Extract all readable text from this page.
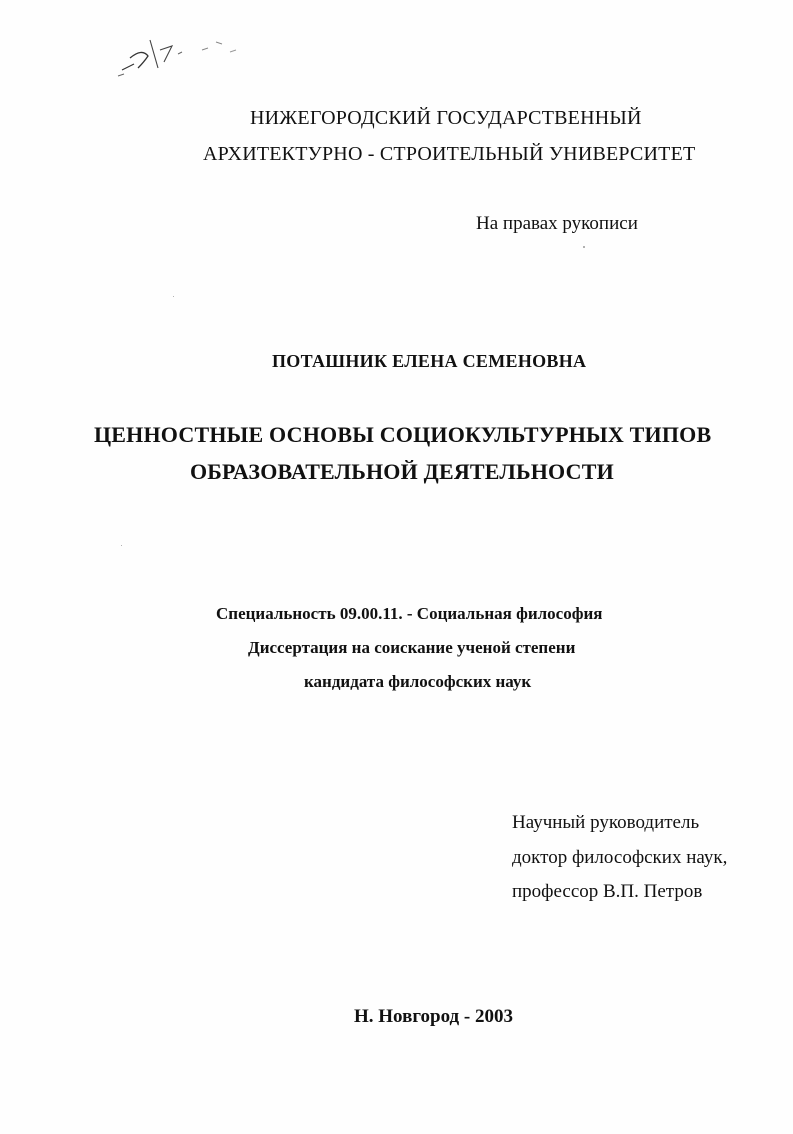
НИЖЕГОРОДСКИЙ ГОСУДАРСТВЕННЫЙ
АРХИТЕКТУРНО - СТРОИТЕЛЬНЫЙ УНИВЕРСИТЕТ
На правах рукописи
ПОТАШНИК ЕЛЕНА СЕМЕНОВНА
ЦЕННОСТНЫЕ ОСНОВЫ СОЦИОКУЛЬТУРНЫХ ТИПОВ
ОБРАЗОВАТЕЛЬНОЙ ДЕЯТЕЛЬНОСТИ
Специальность 09.00.11. - Социальная философия
Диссертация на соискание ученой степени
кандидата философских наук
Научный руководитель
доктор философских наук,
профессор В.П. Петров
Н. Новгород - 2003
